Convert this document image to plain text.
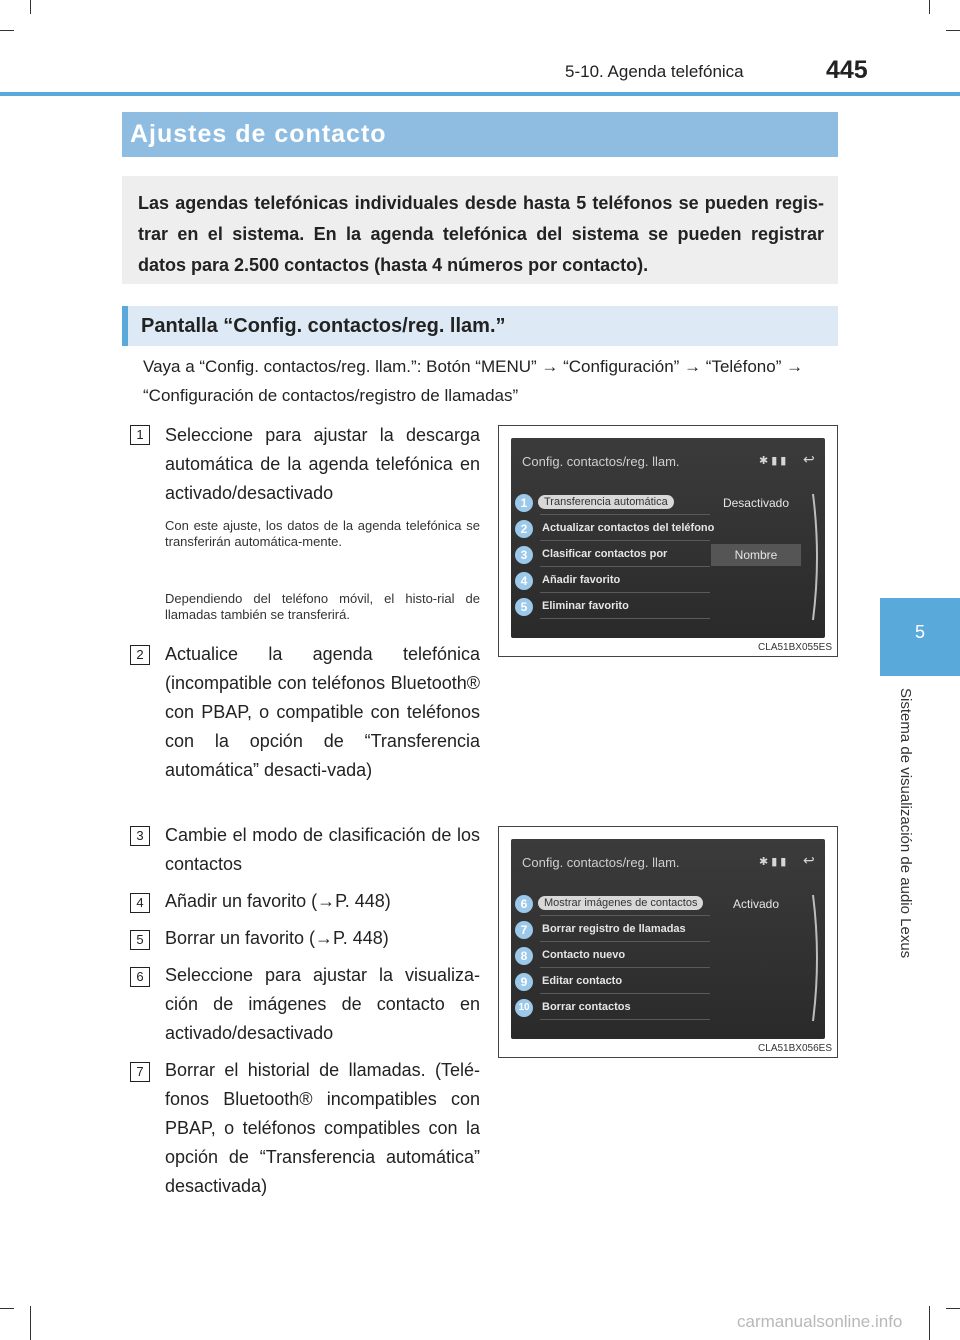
5-10. Agenda telefónica	445
5
Sistema de visualización de audio Lexus
Ajustes de contacto
Las agendas telefónicas individuales desde hasta 5 teléfonos se pueden regis-trar en el sistema. En la agenda telefónica del sistema se pueden registrar datos para 2.500 contactos (hasta 4 números por contacto).
Pantalla “Config. contactos/reg. llam.”
Vaya a “Config. contactos/reg. llam.”: Botón “MENU” → “Configuración” → “Teléfono” → “Configuración de contactos/registro de llamadas”
1	Seleccione para ajustar la descarga automática de la agenda telefónica en activado/desactivado
Con este ajuste, los datos de la agenda telefónica se transferirán automática-mente.
Dependiendo del teléfono móvil, el histo-rial de llamadas también se transferirá.
2	Actualice la agenda telefónica (incompatible con teléfonos Bluetooth® con PBAP, o compatible con teléfonos con la opción de “Transferencia automática” desacti-vada)
3	Cambie el modo de clasificación de los contactos
4	Añadir un favorito (→P. 448)
5	Borrar un favorito (→P. 448)
6	Seleccione para ajustar la visualiza-ción de imágenes de contacto en activado/desactivado
7	Borrar el historial de llamadas. (Telé-fonos Bluetooth® incompatibles con PBAP, o teléfonos compatibles con la opción de “Transferencia automática” desactivada)
Config. contactos/reg. llam.	✱▮▮ ↩
1	Transferencia automática	Desactivado
2	Actualizar contactos del teléfono
3	Clasificar contactos por	Nombre
4	Añadir favorito
5	Eliminar favorito
CLA51BX055ES
Config. contactos/reg. llam.	✱▮▮ ↩
6	Mostrar imágenes de contactos	Activado
7	Borrar registro de llamadas
8	Contacto nuevo
9	Editar contacto
10	Borrar contactos
CLA51BX056ES
carmanualsonline.info
